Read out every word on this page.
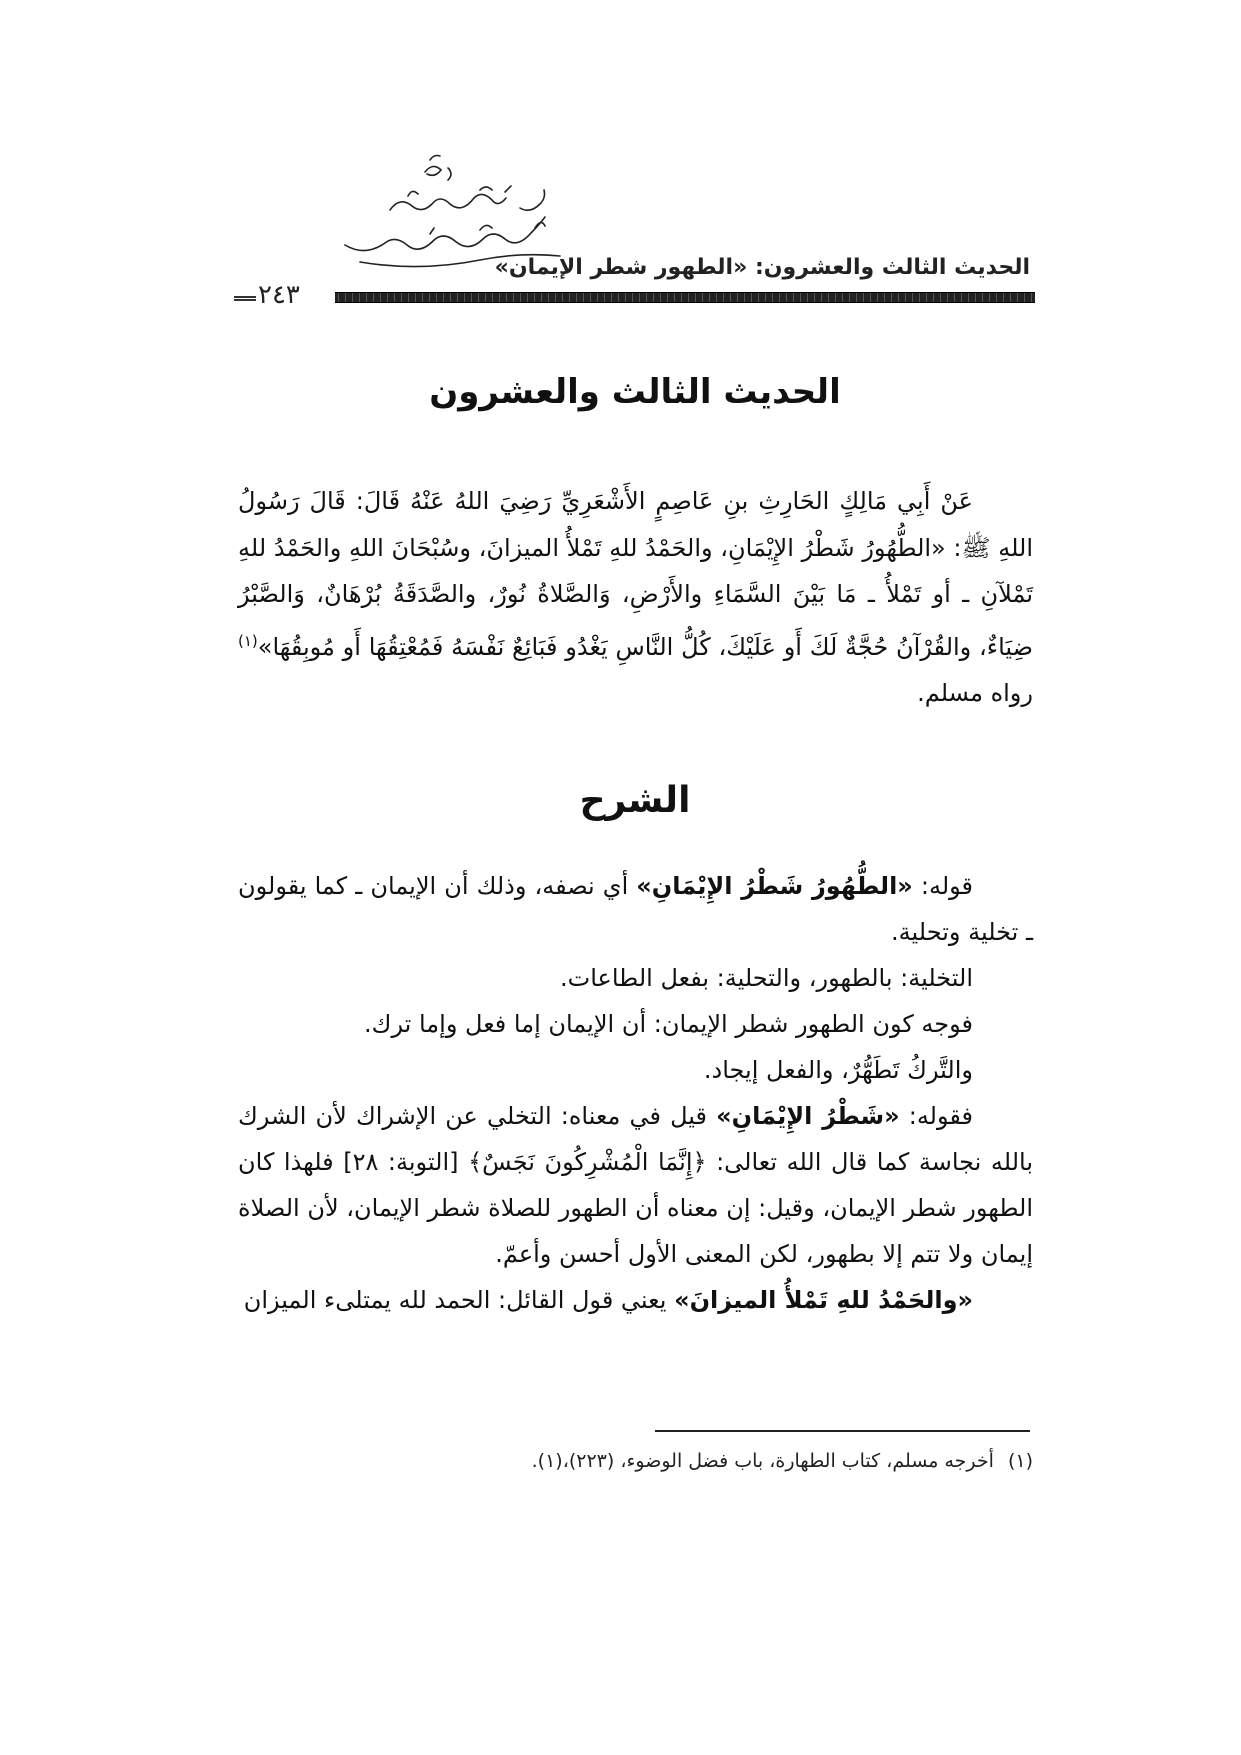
الحديث الثالث والعشرون: «الطهور شطر الإيمان»
٢٤٣
الحديث الثالث والعشرون

عَنْ أَبِي مَالِكٍ الحَارِثِ بنِ عَاصِمٍ الأَشْعَرِيِّ رَضِيَ اللهُ عَنْهُ قَالَ: قَالَ رَسُولُ اللهِ ﷺ: «الطُّهُورُ شَطْرُ الإِيْمَانِ، والحَمْدُ للهِ تَمْلأُ الميزانَ، وسُبْحَانَ اللهِ والحَمْدُ للهِ تَمْلآنِ ـ أو تَمْلأُ ـ مَا بَيْنَ السَّمَاءِ والأَرْضِ، وَالصَّلاةُ نُورٌ، والصَّدَقَةُ بُرْهَانٌ، وَالصَّبْرُ ضِيَاءٌ، والقُرْآنُ حُجَّةٌ لَكَ أَو عَلَيْكَ، كُلُّ النَّاسِ يَغْدُو فَبَائِعٌ نَفْسَهُ فَمُعْتِقُهَا أَو مُوبِقُهَا»$^{(١)}$ رواه مسلم.

الشرح

قوله: «الطُّهُورُ شَطْرُ الإِيْمَانِ» أي نصفه، وذلك أن الإيمان ـ كما يقولون ـ تخلية وتحلية.

التخلية: بالطهور، والتحلية: بفعل الطاعات.

فوجه كون الطهور شطر الإيمان: أن الإيمان إما فعل وإما ترك.

والتَّركُ تَطَهُّرٌ، والفعل إيجاد.

فقوله: «شَطْرُ الإِيْمَانِ» قيل في معناه: التخلي عن الإشراك لأن الشرك بالله نجاسة كما قال الله تعالى: ﴿إِنَّمَا الْمُشْرِكُونَ نَجَسٌ﴾ [التوبة: ٢٨] فلهذا كان الطهور شطر الإيمان، وقيل: إن معناه أن الطهور للصلاة شطر الإيمان، لأن الصلاة إيمان ولا تتم إلا بطهور، لكن المعنى الأول أحسن وأعمّ.

«والحَمْدُ للهِ تَمْلأُ الميزانَ» يعني قول القائل: الحمد لله يمتلىء الميزان

(١)أخرجه مسلم، كتاب الطهارة، باب فضل الوضوء، (٢٢٣)،(١).
